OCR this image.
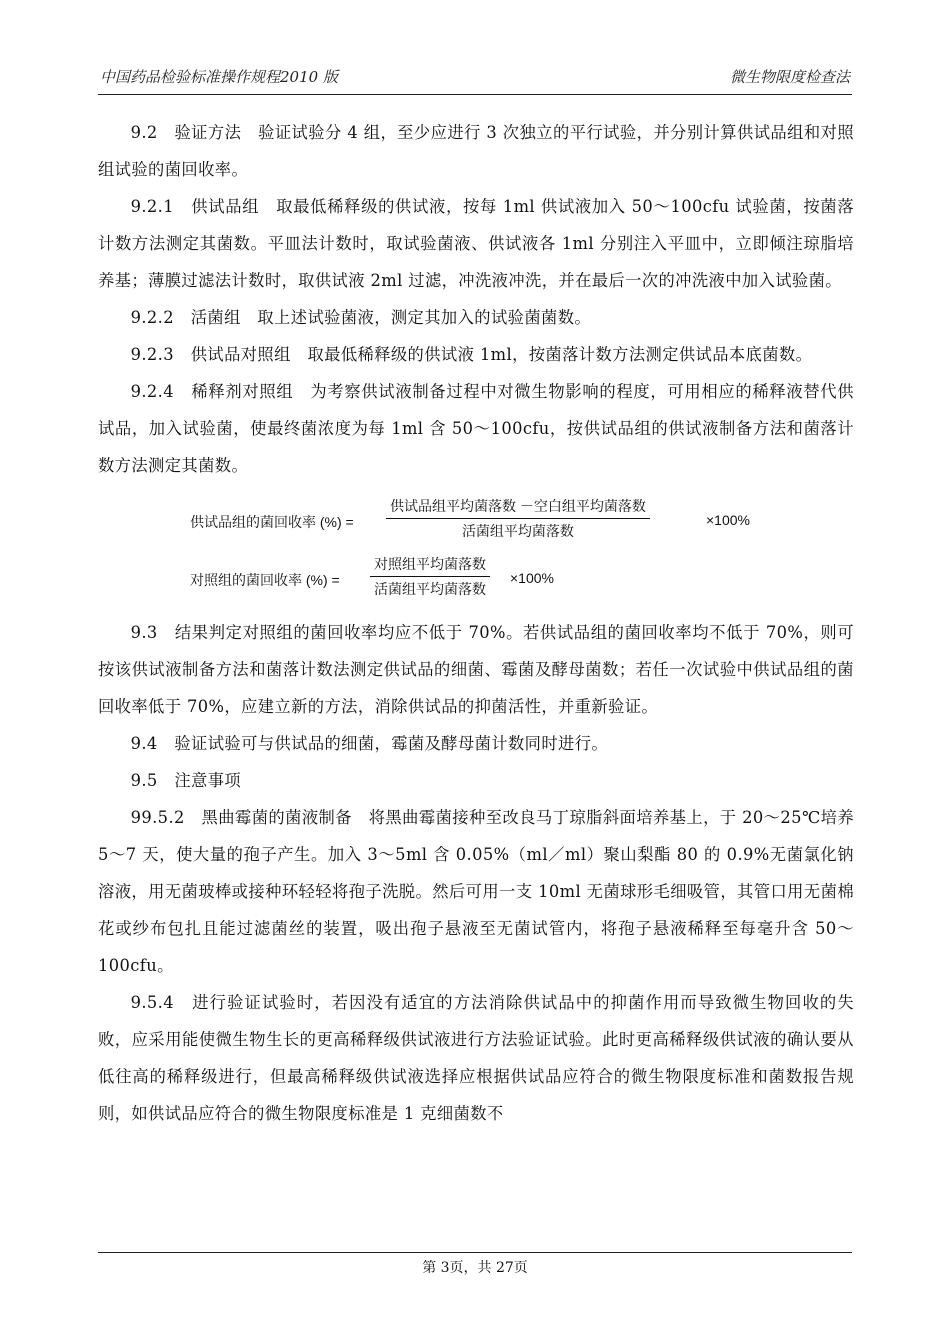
中国药品检验标准操作规程2010 版	微生物限度检查法

9.2　验证方法　验证试验分 4 组，至少应进行 3 次独立的平行试验，并分别计算供试品组和对照组试验的菌回收率。

9.2.1　供试品组　取最低稀释级的供试液，按每 1ml 供试液加入 50～100cfu 试验菌，按菌落计数方法测定其菌数。平皿法计数时，取试验菌液、供试液各 1ml 分别注入平皿中，立即倾注琼脂培养基；薄膜过滤法计数时，取供试液 2ml 过滤，冲洗液冲洗，并在最后一次的冲洗液中加入试验菌。

9.2.2　活菌组　取上述试验菌液，测定其加入的试验菌菌数。

9.2.3　供试品对照组　取最低稀释级的供试液 1ml，按菌落计数方法测定供试品本底菌数。

9.2.4　稀释剂对照组　为考察供试液制备过程中对微生物影响的程度，可用相应的稀释液替代供试品，加入试验菌，使最终菌浓度为每 1ml 含 50～100cfu，按供试品组的供试液制备方法和菌落计数方法测定其菌数。

供试品组的菌回收率 (%) =
供试品组平均菌落数 －空白组平均菌落数
活菌组平均菌落数
×100%
对照组的菌回收率 (%) =
对照组平均菌落数
活菌组平均菌落数
×100%

9.3　结果判定对照组的菌回收率均应不低于 70%。若供试品组的菌回收率均不低于 70%，则可按该供试液制备方法和菌落计数法测定供试品的细菌、霉菌及酵母菌数；若任一次试验中供试品组的菌回收率低于 70%，应建立新的方法，消除供试品的抑菌活性，并重新验证。

9.4　验证试验可与供试品的细菌，霉菌及酵母菌计数同时进行。

9.5　注意事项

99.5.2　黑曲霉菌的菌液制备　将黑曲霉菌接种至改良马丁琼脂斜面培养基上，于 20～25℃培养 5～7 天，使大量的孢子产生。加入 3～5ml 含 0.05%（ml／ml）聚山梨酯 80 的 0.9%无菌氯化钠溶液，用无菌玻棒或接种环轻轻将孢子洗脱。然后可用一支 10ml 无菌球形毛细吸管，其管口用无菌棉花或纱布包扎且能过滤菌丝的装置，吸出孢子悬液至无菌试管内，将孢子悬液稀释至每毫升含 50～100cfu。

9.5.4　进行验证试验时，若因没有适宜的方法消除供试品中的抑菌作用而导致微生物回收的失败，应采用能使微生物生长的更高稀释级供试液进行方法验证试验。此时更高稀释级供试液的确认要从低往高的稀释级进行，但最高稀释级供试液选择应根据供试品应符合的微生物限度标准和菌数报告规则，如供试品应符合的微生物限度标准是 1 克细菌数不

第 3页，共 27页
